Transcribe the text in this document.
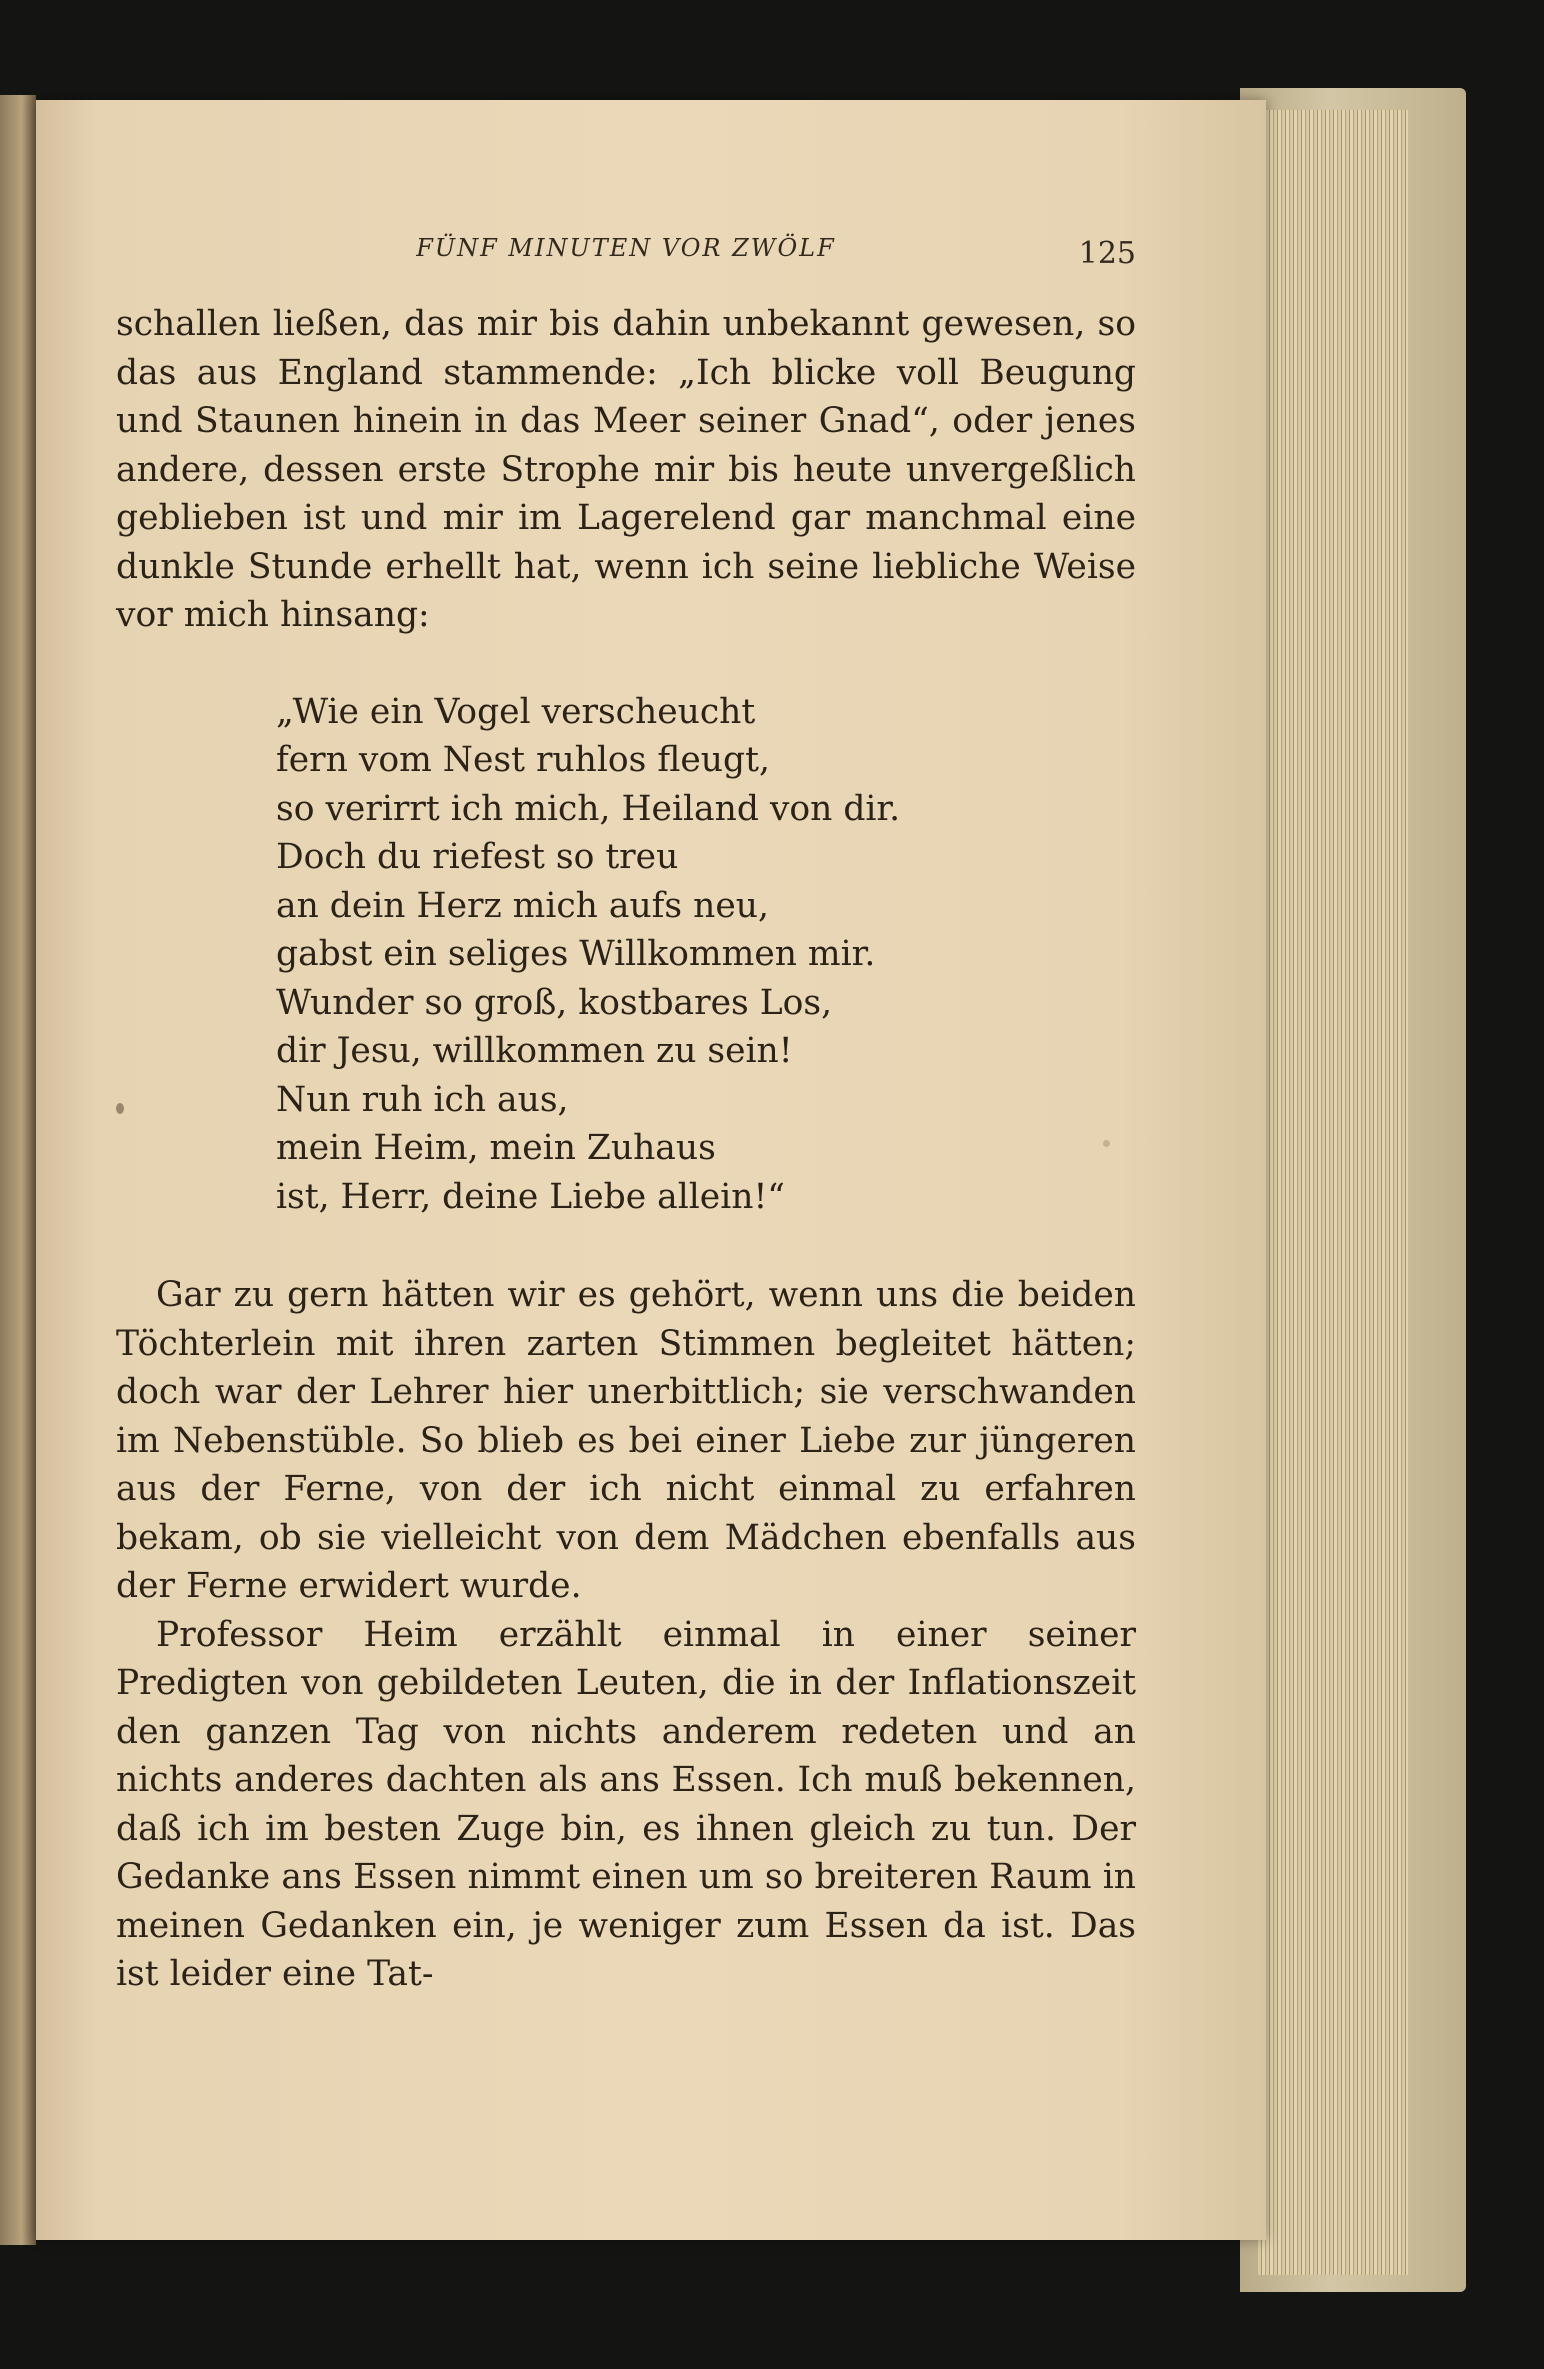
FÜNF MINUTEN VOR ZWÖLF	125

schallen ließen, das mir bis dahin unbekannt gewesen, so das aus England stammende: „Ich blicke voll Beugung und Staunen hinein in das Meer seiner Gnad“, oder jenes andere, dessen erste Strophe mir bis heute unvergeßlich geblieben ist und mir im Lagerelend gar manchmal eine dunkle Stunde erhellt hat, wenn ich seine liebliche Weise vor mich hinsang:

„Wie ein Vogel verscheucht
fern vom Nest ruhlos fleugt,
so verirrt ich mich, Heiland von dir.
Doch du riefest so treu
an dein Herz mich aufs neu,
gabst ein seliges Willkommen mir.
Wunder so groß, kostbares Los,
dir Jesu, willkommen zu sein!
Nun ruh ich aus,
mein Heim, mein Zuhaus
ist, Herr, deine Liebe allein!“

Gar zu gern hätten wir es gehört, wenn uns die beiden Töchterlein mit ihren zarten Stimmen begleitet hätten; doch war der Lehrer hier unerbittlich; sie verschwanden im Nebenstüble. So blieb es bei einer Liebe zur jüngeren aus der Ferne, von der ich nicht einmal zu erfahren bekam, ob sie vielleicht von dem Mädchen ebenfalls aus der Ferne erwidert wurde.

Professor Heim erzählt einmal in einer seiner Predigten von gebildeten Leuten, die in der Inflationszeit den ganzen Tag von nichts anderem redeten und an nichts anderes dachten als ans Essen. Ich muß bekennen, daß ich im besten Zuge bin, es ihnen gleich zu tun. Der Gedanke ans Essen nimmt einen um so breiteren Raum in meinen Gedanken ein, je weniger zum Essen da ist. Das ist leider eine Tat-
